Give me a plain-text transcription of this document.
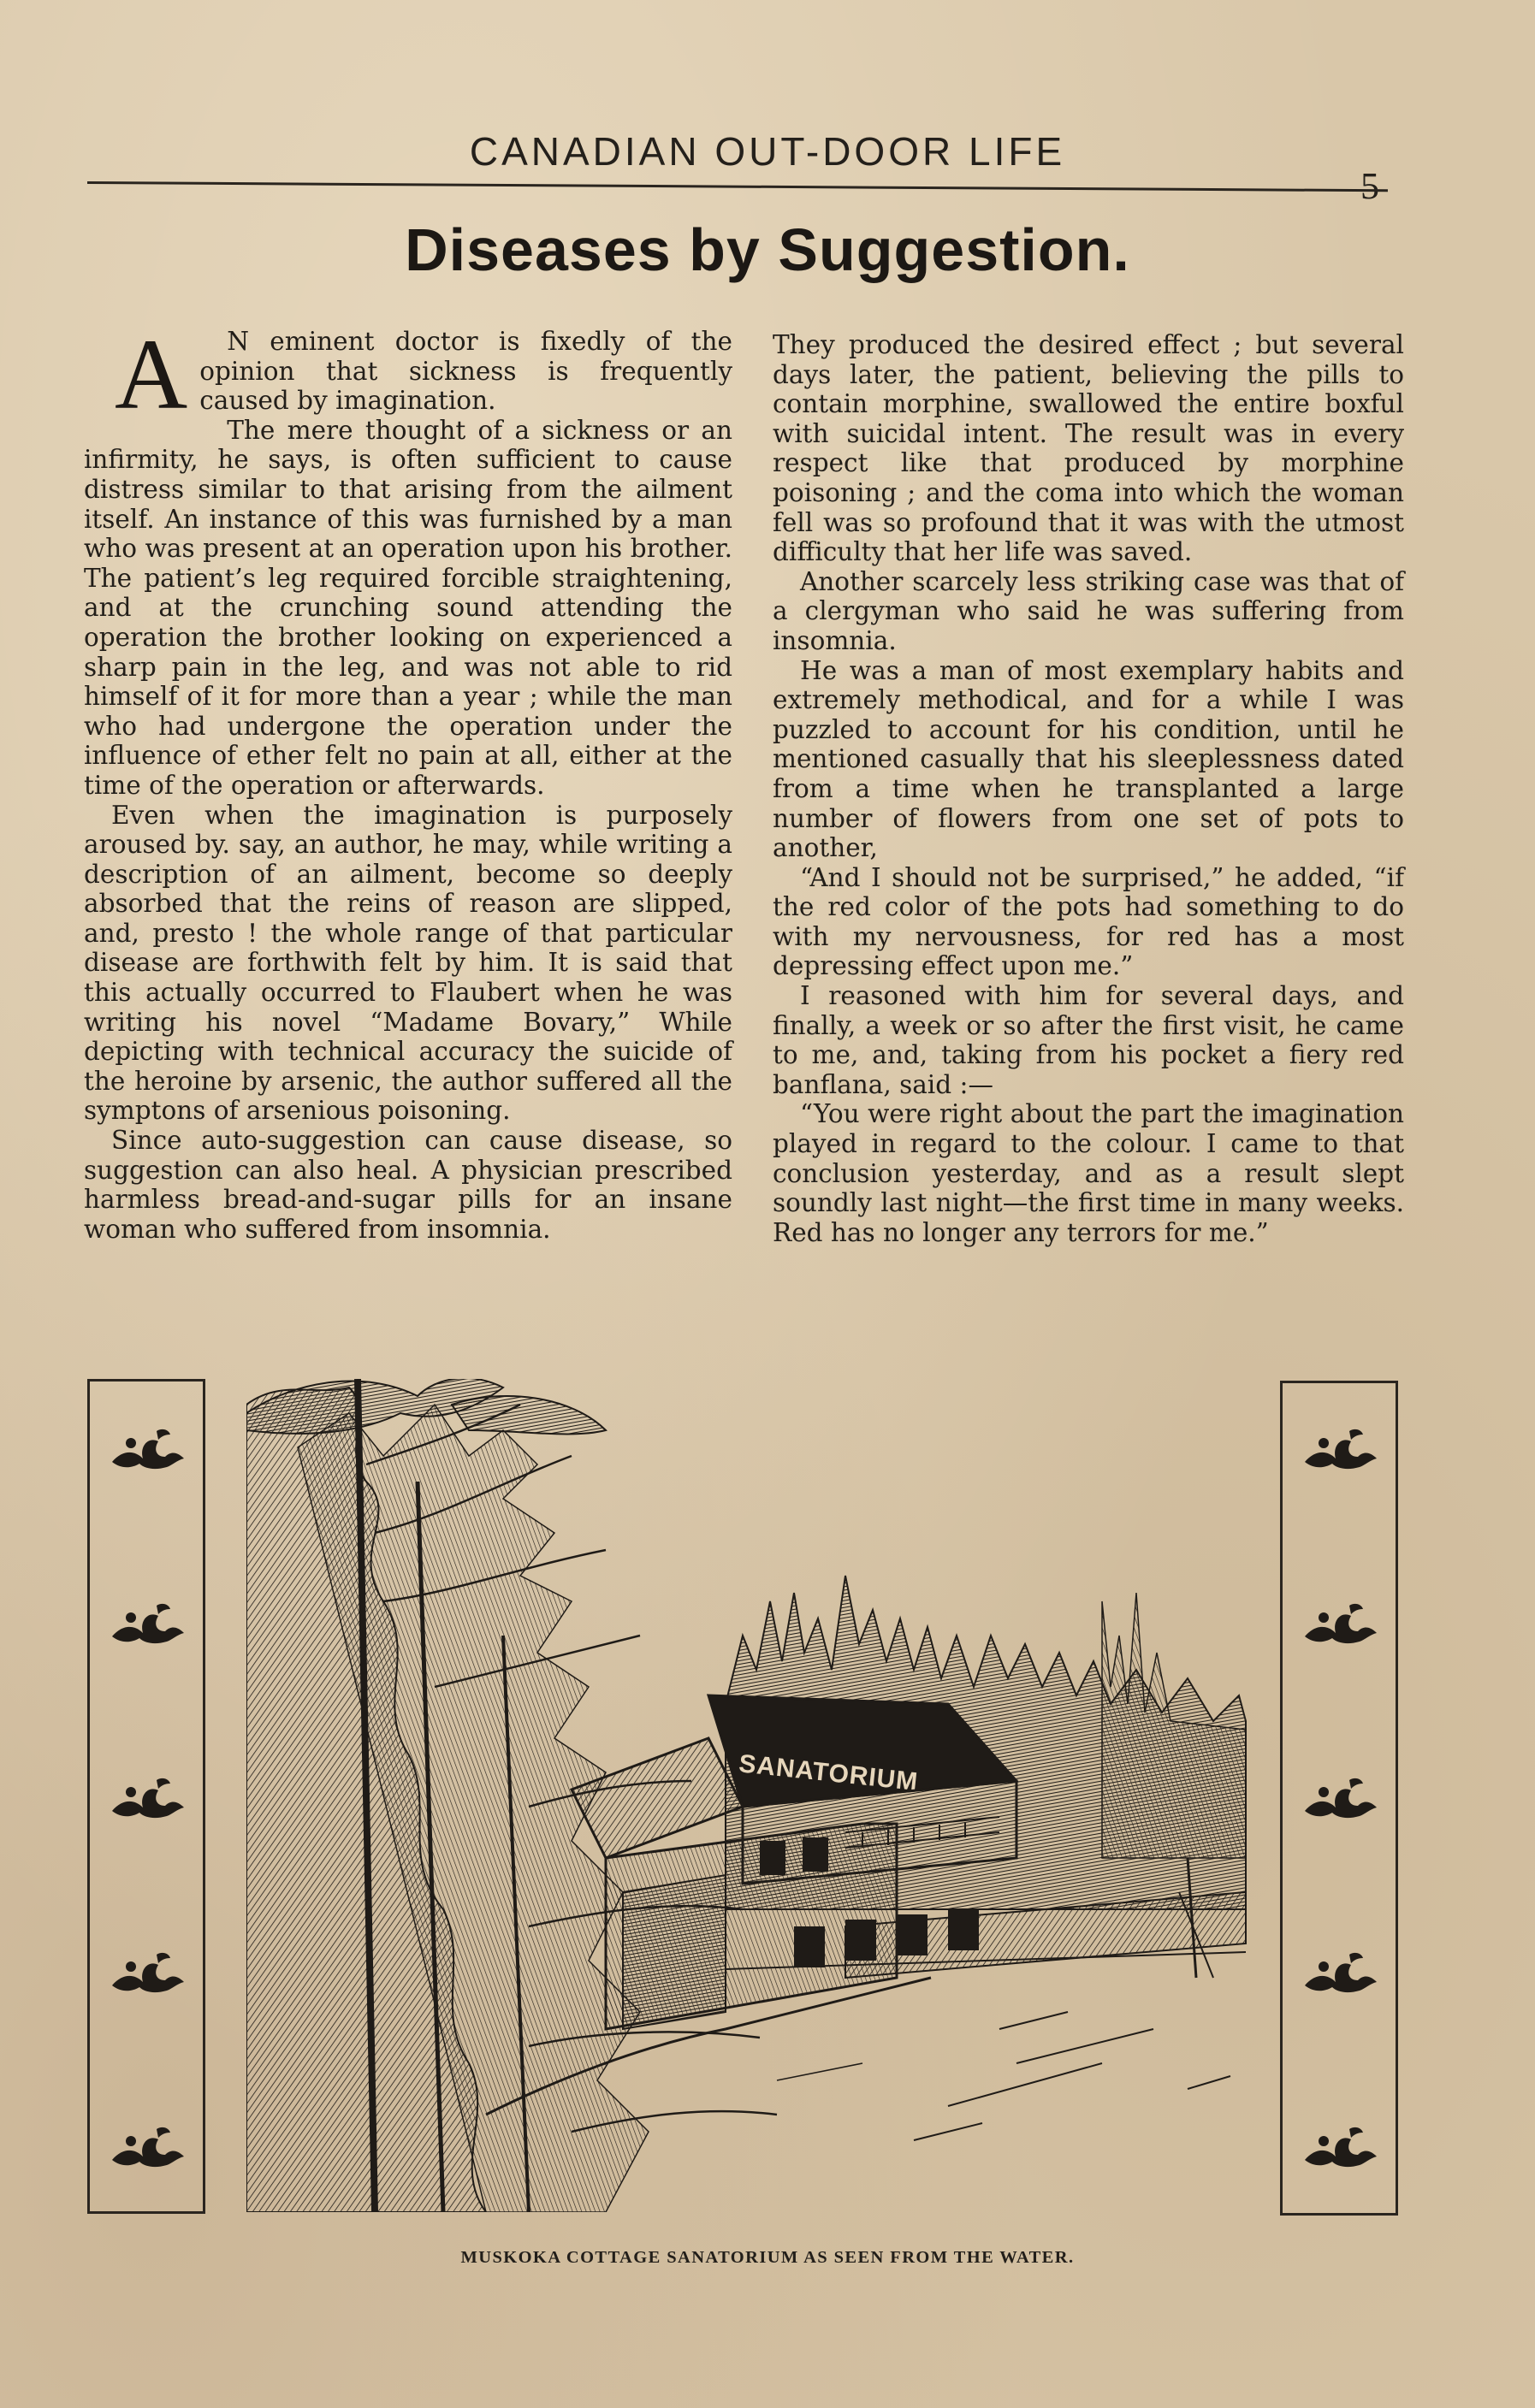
CANADIAN OUT-DOOR LIFE
5
Diseases by Suggestion.

A N eminent doctor is fixedly of the opinion that sickness is frequently caused by imagination.

The mere thought of a sickness or an infirmity, he says, is often sufficient to cause distress similar to that arising from the ailment itself. An instance of this was furnished by a man who was present at an operation upon his brother. The patient’s leg required forcible straightening, and at the crunching sound attending the operation the brother looking on experienced a sharp pain in the leg, and was not able to rid himself of it for more than a year ; while the man who had undergone the operation under the influence of ether felt no pain at all, either at the time of the operation or afterwards.

Even when the imagination is purposely aroused by. say, an author, he may, while writing a description of an ailment, become so deeply absorbed that the reins of reason are slipped, and, presto ! the whole range of that particular disease are forthwith felt by him. It is said that this actually occurred to Flaubert when he was writing his novel “Madame Bovary,” While depicting with technical accuracy the suicide of the heroine by arsenic, the author suffered all the symptons of arsenious poisoning.

Since auto-suggestion can cause disease, so suggestion can also heal. A physician prescribed harmless bread-and-sugar pills for an insane woman who suffered from insomnia.

They produced the desired effect ; but several days later, the patient, believing the pills to contain morphine, swallowed the entire boxful with suicidal intent. The result was in every respect like that produced by morphine poisoning ; and the coma into which the woman fell was so profound that it was with the utmost difficulty that her life was saved.

Another scarcely less striking case was that of a clergyman who said he was suffering from insomnia.

He was a man of most exemplary habits and extremely methodical, and for a while I was puzzled to account for his condition, until he mentioned casually that his sleeplessness dated from a time when he transplanted a large number of flowers from one set of pots to another,

“And I should not be surprised,” he added, “if the red color of the pots had something to do with my nervousness, for red has a most depressing effect upon me.”

I reasoned with him for several days, and finally, a week or so after the first visit, he came to me, and, taking from his pocket a fiery red banflana, said :—

“You were right about the part the imagination played in regard to the colour. I came to that conclusion yesterday, and as a result slept soundly last night—the first time in many weeks. Red has no longer any terrors for me.”

SANATORIUM
MUSKOKA COTTAGE SANATORIUM AS SEEN FROM THE WATER.
